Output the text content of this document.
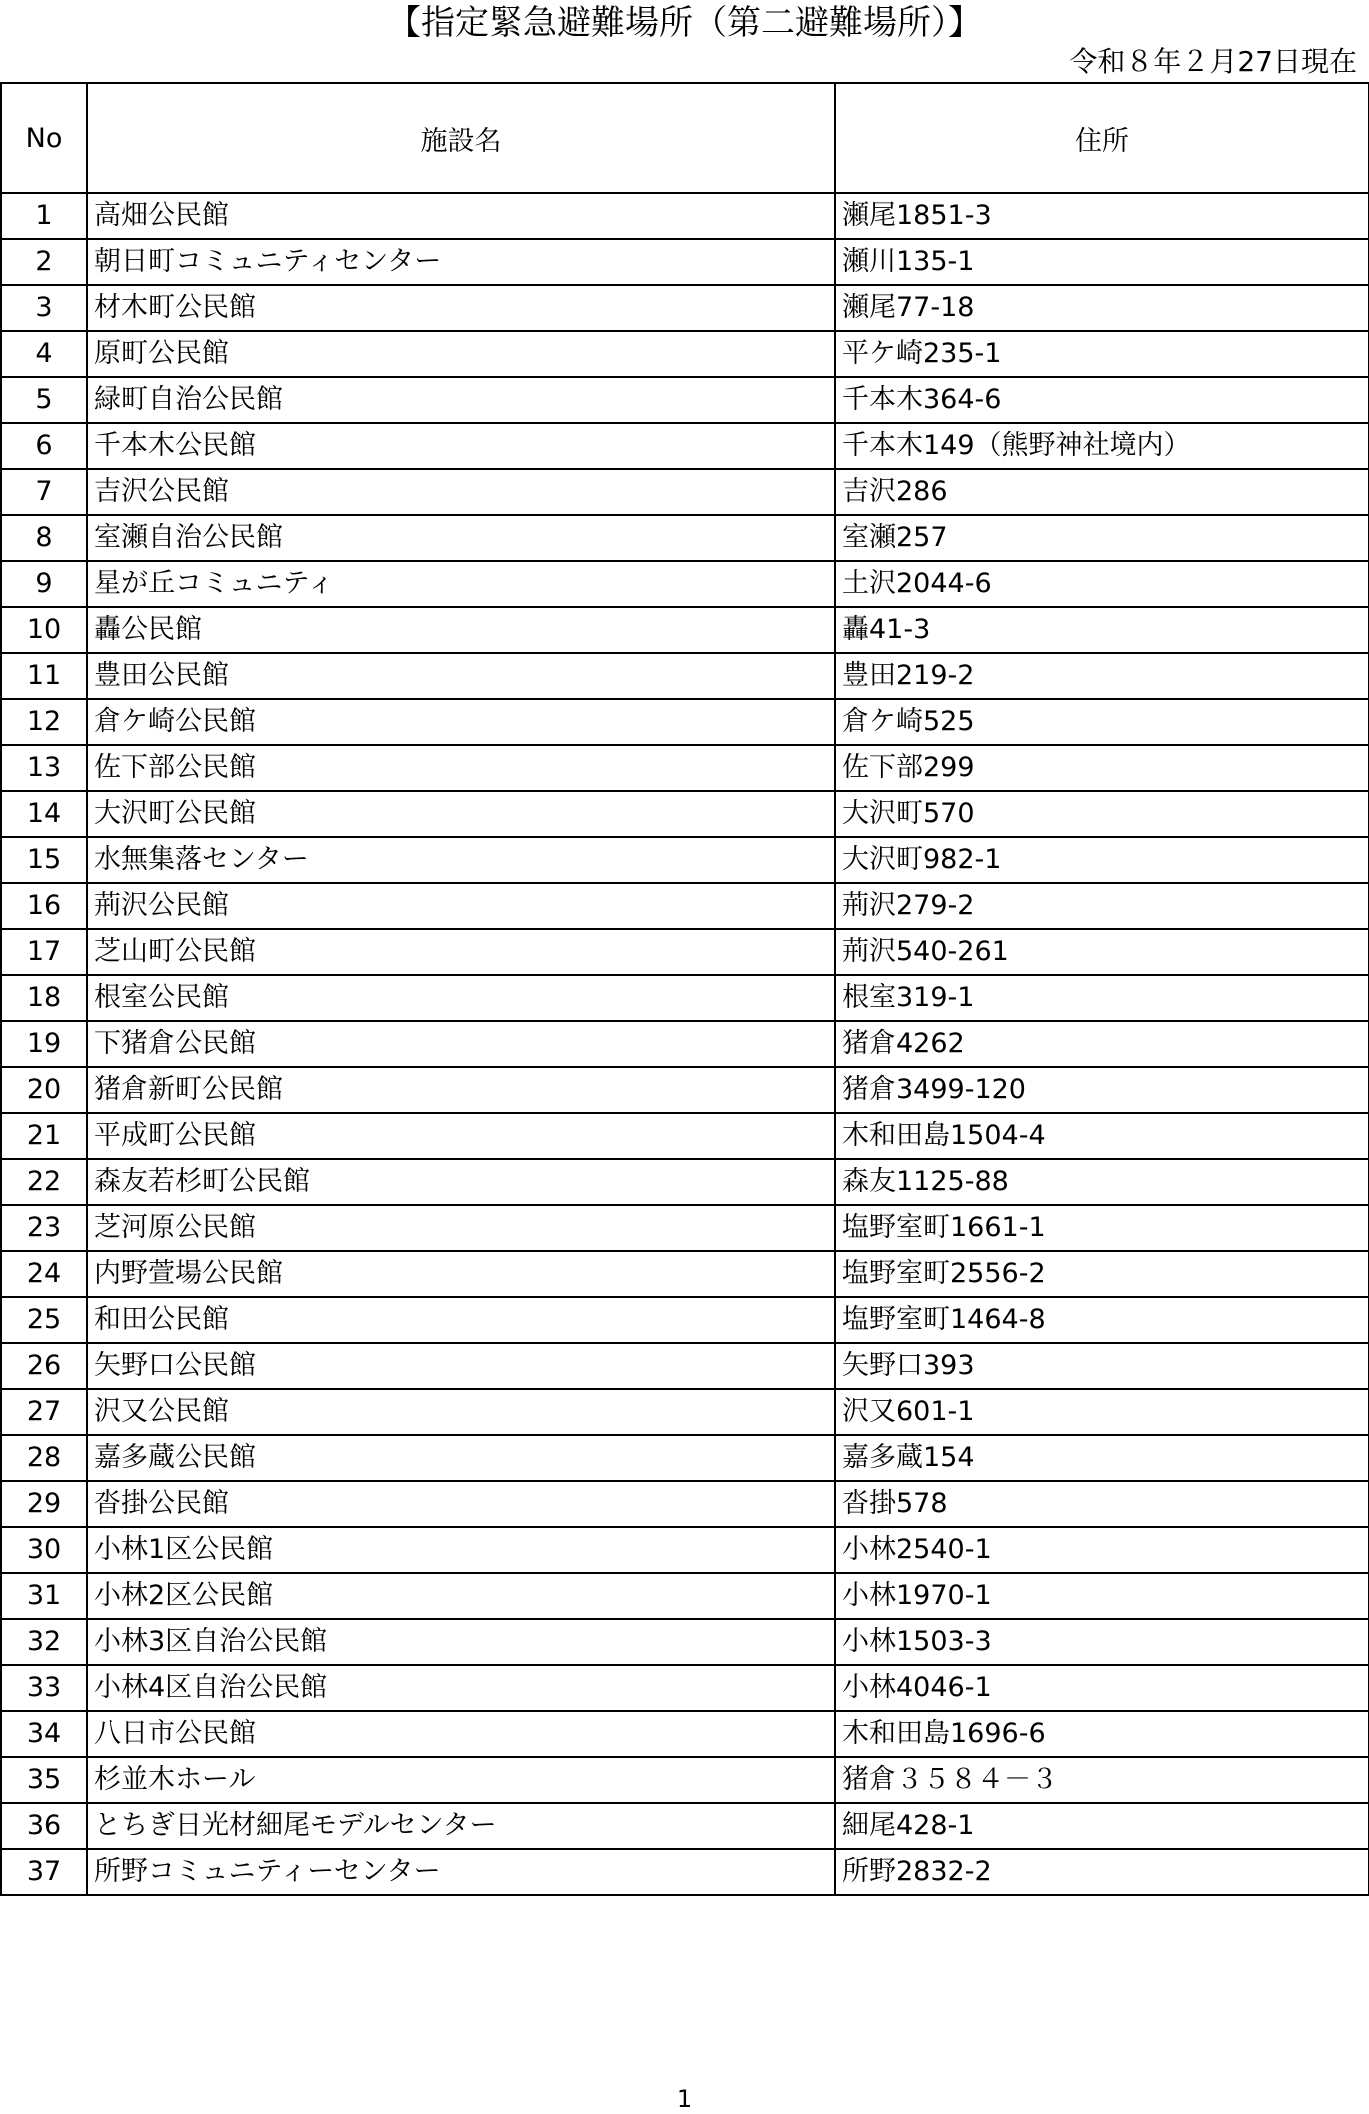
【指定緊急避難場所（第二避難場所）】
令和８年２月27日現在
No	施設名	住所
1	高畑公民館	瀬尾1851-3
2	朝日町コミュニティセンター	瀬川135-1
3	材木町公民館	瀬尾77-18
4	原町公民館	平ケ崎235-1
5	緑町自治公民館	千本木364-6
6	千本木公民館	千本木149（熊野神社境内）
7	吉沢公民館	吉沢286
8	室瀬自治公民館	室瀬257
9	星が丘コミュニティ	土沢2044-6
10	轟公民館	轟41-3
11	豊田公民館	豊田219-2
12	倉ケ崎公民館	倉ケ崎525
13	佐下部公民館	佐下部299
14	大沢町公民館	大沢町570
15	水無集落センター	大沢町982-1
16	荊沢公民館	荊沢279-2
17	芝山町公民館	荊沢540-261
18	根室公民館	根室319-1
19	下猪倉公民館	猪倉4262
20	猪倉新町公民館	猪倉3499-120
21	平成町公民館	木和田島1504-4
22	森友若杉町公民館	森友1125-88
23	芝河原公民館	塩野室町1661-1
24	内野萱場公民館	塩野室町2556-2
25	和田公民館	塩野室町1464-8
26	矢野口公民館	矢野口393
27	沢又公民館	沢又601-1
28	嘉多蔵公民館	嘉多蔵154
29	沓掛公民館	沓掛578
30	小林1区公民館	小林2540-1
31	小林2区公民館	小林1970-1
32	小林3区自治公民館	小林1503-3
33	小林4区自治公民館	小林4046-1
34	八日市公民館	木和田島1696-6
35	杉並木ホール	猪倉３５８４－３
36	とちぎ日光材細尾モデルセンター	細尾428-1
37	所野コミュニティーセンター	所野2832-2
1
